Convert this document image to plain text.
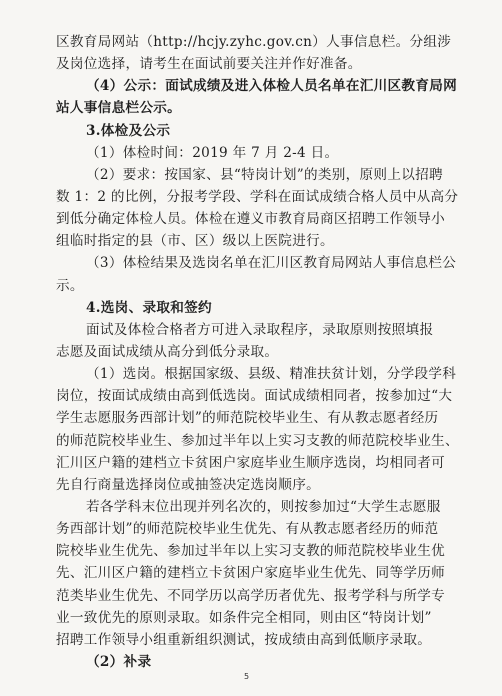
区教育局网站（http://hcjy.zyhc.gov.cn）人事信息栏。分组涉
及岗位选择，请考生在面试前要关注并作好准备。
（4）公示：面试成绩及进入体检人员名单在汇川区教育局网
站人事信息栏公示。
3.体检及公示
（1）体检时间：2019 年 7 月 2-4 日。
（2）要求：按国家、县“特岗计划”的类别，原则上以招聘
数 1：2 的比例，分报考学段、学科在面试成绩合格人员中从高分
到低分确定体检人员。体检在遵义市教育局商区招聘工作领导小
组临时指定的县（市、区）级以上医院进行。
（3）体检结果及选岗名单在汇川区教育局网站人事信息栏公
示。
4.选岗、录取和签约
面试及体检合格者方可进入录取程序，录取原则按照填报
志愿及面试成绩从高分到低分录取。
（1）选岗。根据国家级、县级、精准扶贫计划，分学段学科
岗位，按面试成绩由高到低选岗。面试成绩相同者，按参加过“大
学生志愿服务西部计划”的师范院校毕业生、有从教志愿者经历
的师范院校毕业生、参加过半年以上实习支教的师范院校毕业生、
汇川区户籍的建档立卡贫困户家庭毕业生顺序选岗，均相同者可
先自行商量选择岗位或抽签决定选岗顺序。
若各学科末位出现并列名次的，则按参加过“大学生志愿服
务西部计划”的师范院校毕业生优先、有从教志愿者经历的师范
院校毕业生优先、参加过半年以上实习支教的师范院校毕业生优
先、汇川区户籍的建档立卡贫困户家庭毕业生优先、同等学历师
范类毕业生优先、不同学历以高学历者优先、报考学科与所学专
业一致优先的原则录取。如条件完全相同，则由区“特岗计划”
招聘工作领导小组重新组织测试，按成绩由高到低顺序录取。
（2）补录
5
